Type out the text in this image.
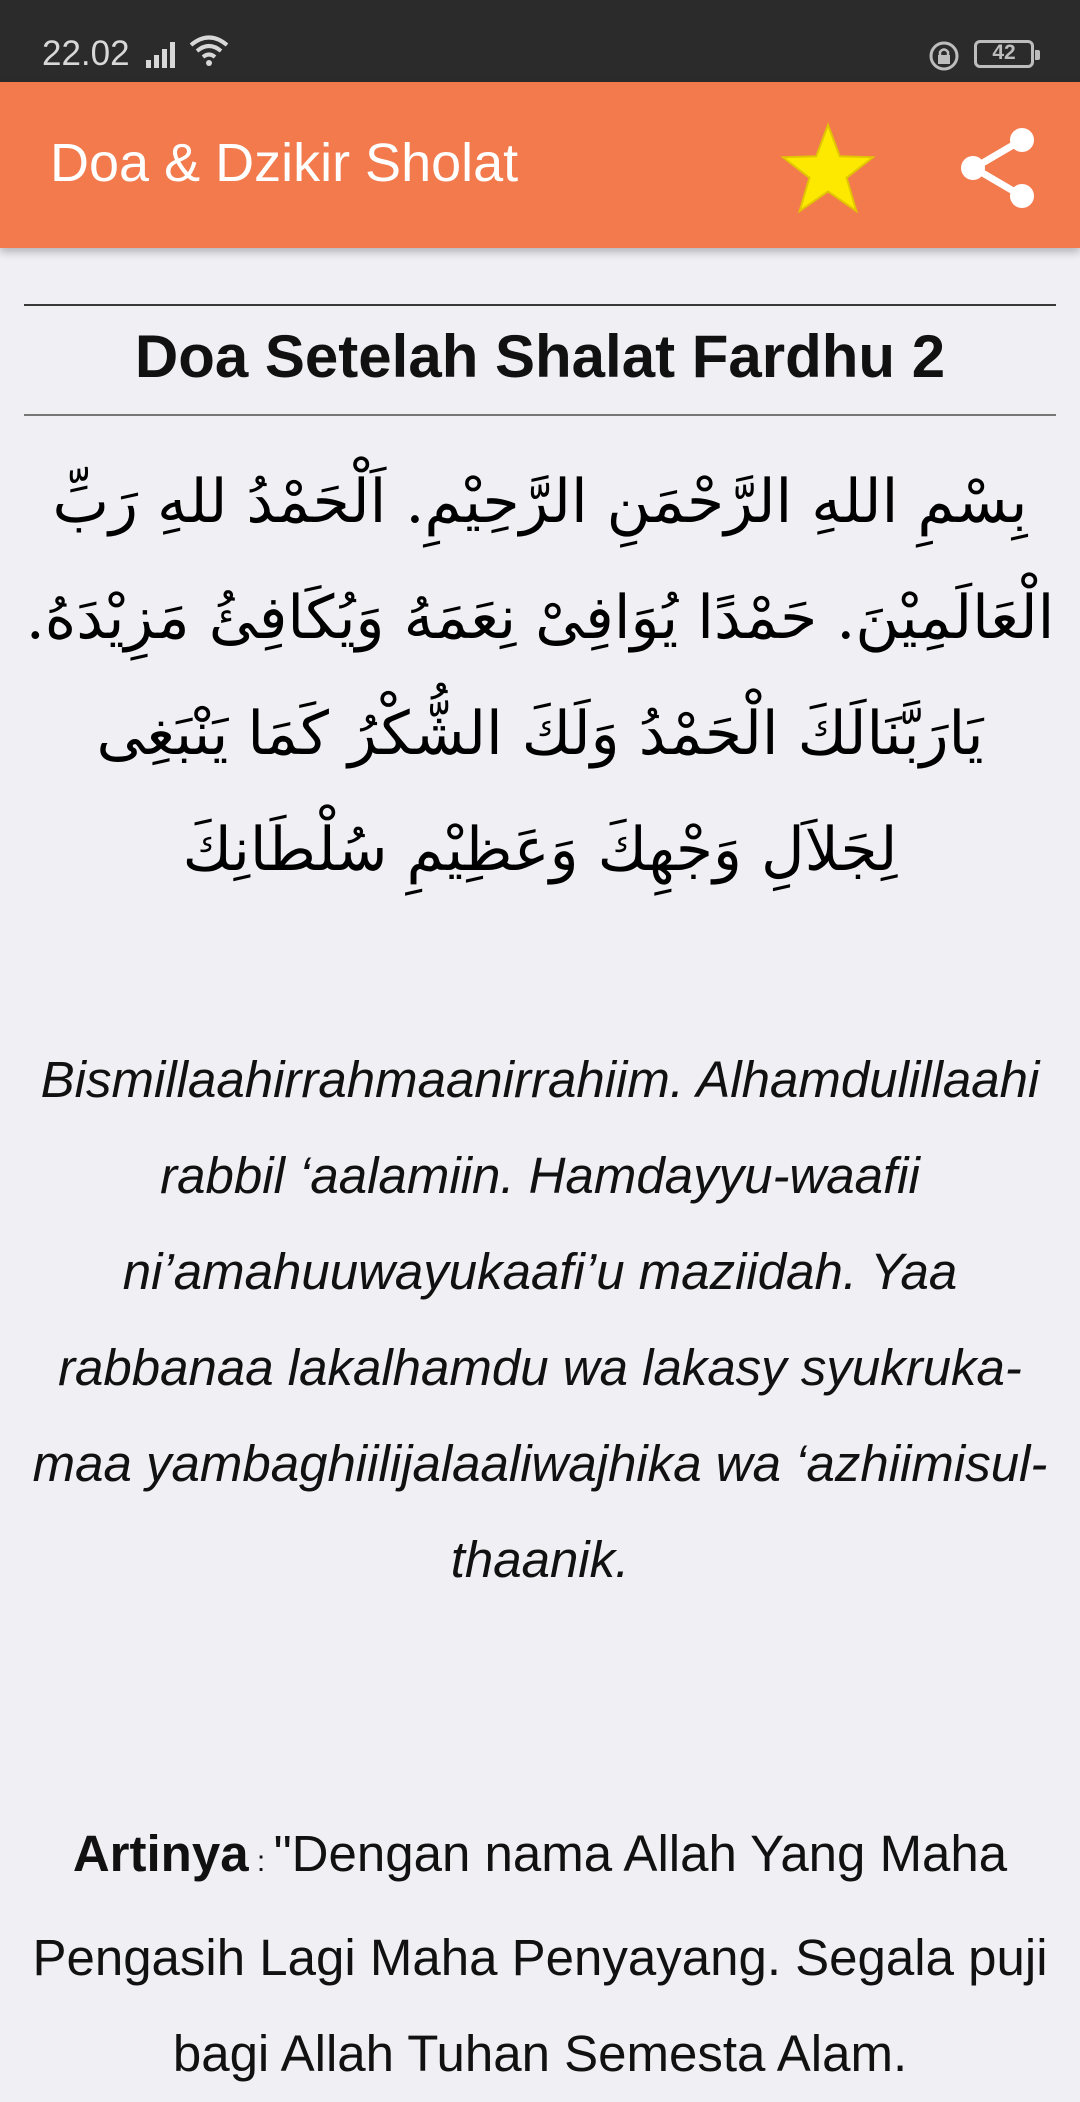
22.02	42
Doa & Dzikir Sholat
Doa Setelah Shalat Fardhu 2
بِسْمِ اللهِ الرَّحْمَنِ الرَّحِيْمِ. اَلْحَمْدُ للهِ رَبِّ الْعَالَمِيْنَ. حَمْدًا يُوَافِىْ نِعَمَهُ وَيُكَافِئُ مَزِيْدَهُ. يَارَبَّنَالَكَ الْحَمْدُ وَلَكَ الشُّكْرُ كَمَا يَنْبَغِى لِجَلاَلِ وَجْهِكَ وَعَظِيْمِ سُلْطَانِكَ
Bismillaahirrahmaanirrahiim. Alhamdulillaahi rabbil ‘aalamiin. Hamdayyu-waafii ni’amahuuwayukaafi’u maziidah. Yaa rabbanaa lakalhamdu wa lakasy syukruka-maa yambaghiilijalaaliwajhika wa ‘azhiimisul-thaanik.
Artinya : "Dengan nama Allah Yang Maha Pengasih Lagi Maha Penyayang. Segala puji bagi Allah Tuhan Semesta Alam.
